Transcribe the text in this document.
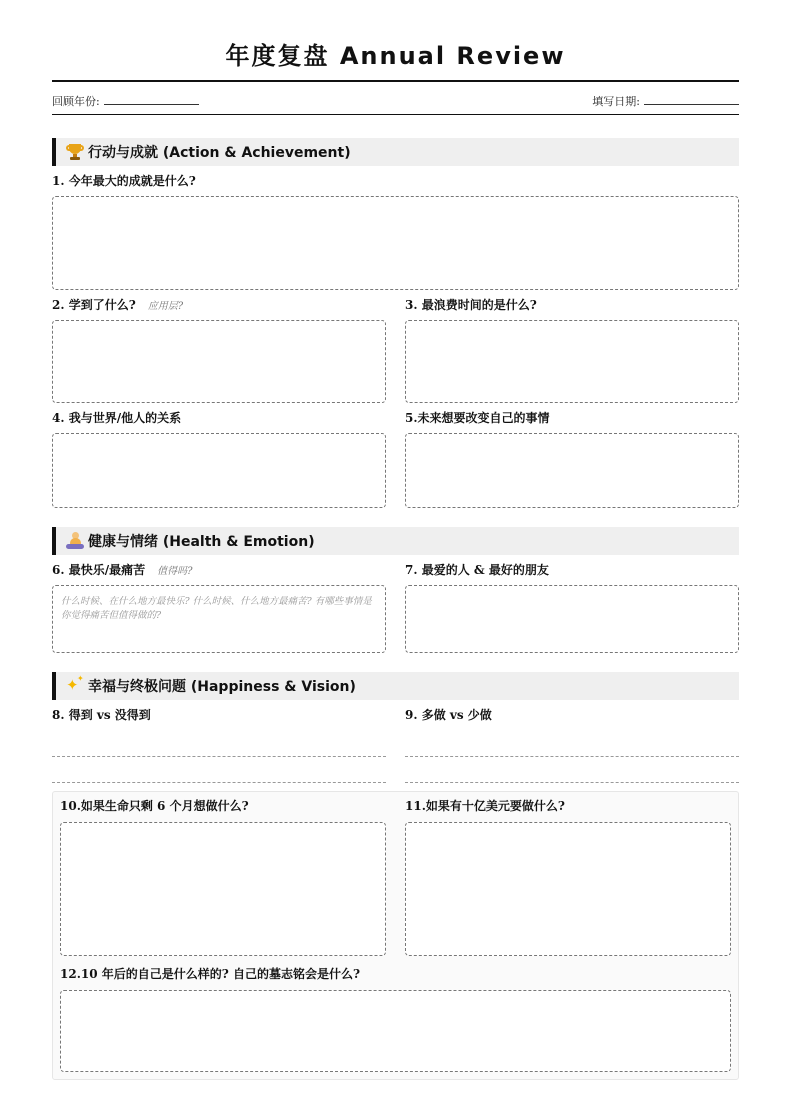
年度复盘 Annual Review
回顾年份:	填写日期:
行动与成就 (Action & Achievement)
1. 今年最大的成就是什么?
2. 学到了什么? 应用层?	3. 最浪费时间的是什么?
4. 我与世界/他人的关系	5.未来想要改变自己的事情
健康与情绪 (Health & Emotion)
6. 最快乐/最痛苦 值得吗?
什么时候、在什么地方最快乐? 什么时候、什么地方最痛苦? 有哪些事情是你觉得痛苦但值得做的?
7. 最爱的人 & 最好的朋友
✦
✦
幸福与终极问题 (Happiness & Vision)
8. 得到 vs 没得到	9. 多做 vs 少做
10.如果生命只剩 6 个月想做什么?	11.如果有十亿美元要做什么?
12.10 年后的自己是什么样的? 自己的墓志铭会是什么?
